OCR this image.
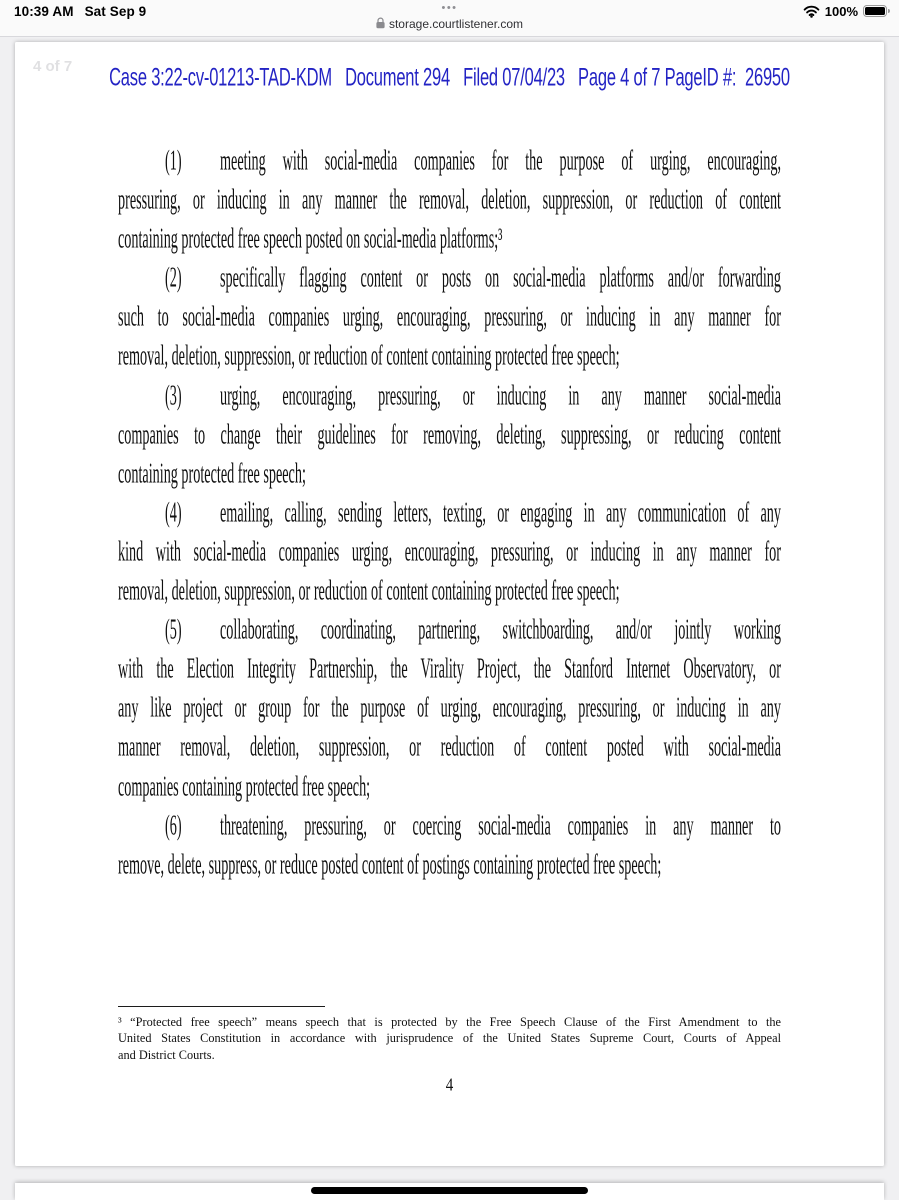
10:39 AM Sat Sep 9	•••
storage.courtlistener.com
100%
4 of 7	Case 3:22-cv-01213-TAD-KDM   Document 294   Filed 07/04/23   Page 4 of 7 PageID #:  26950
(1)	meeting with social-media companies for the purpose of urging, encouraging,
pressuring, or inducing in any manner the removal, deletion, suppression, or reduction of content
containing protected free speech posted on social-media platforms;³
(2)	specifically flagging content or posts on social-media platforms and/or forwarding
such to social-media companies urging, encouraging, pressuring, or inducing in any manner for
removal, deletion, suppression, or reduction of content containing protected free speech;
(3)	urging, encouraging, pressuring, or inducing in any manner social-media
companies to change their guidelines for removing, deleting, suppressing, or reducing content
containing protected free speech;
(4)	emailing, calling, sending letters, texting, or engaging in any communication of any
kind with social-media companies urging, encouraging, pressuring, or inducing in any manner for
removal, deletion, suppression, or reduction of content containing protected free speech;
(5)	collaborating, coordinating, partnering, switchboarding, and/or jointly working
with the Election Integrity Partnership, the Virality Project, the Stanford Internet Observatory, or
any like project or group for the purpose of urging, encouraging, pressuring, or inducing in any
manner removal, deletion, suppression, or reduction of content posted with social-media
companies containing protected free speech;
(6)	threatening, pressuring, or coercing social-media companies in any manner to
remove, delete, suppress, or reduce posted content of postings containing protected free speech;
³ “Protected free speech” means speech that is protected by the Free Speech Clause of the First Amendment to the
United States Constitution in accordance with jurisprudence of the United States Supreme Court, Courts of Appeal
and District Courts.
4
